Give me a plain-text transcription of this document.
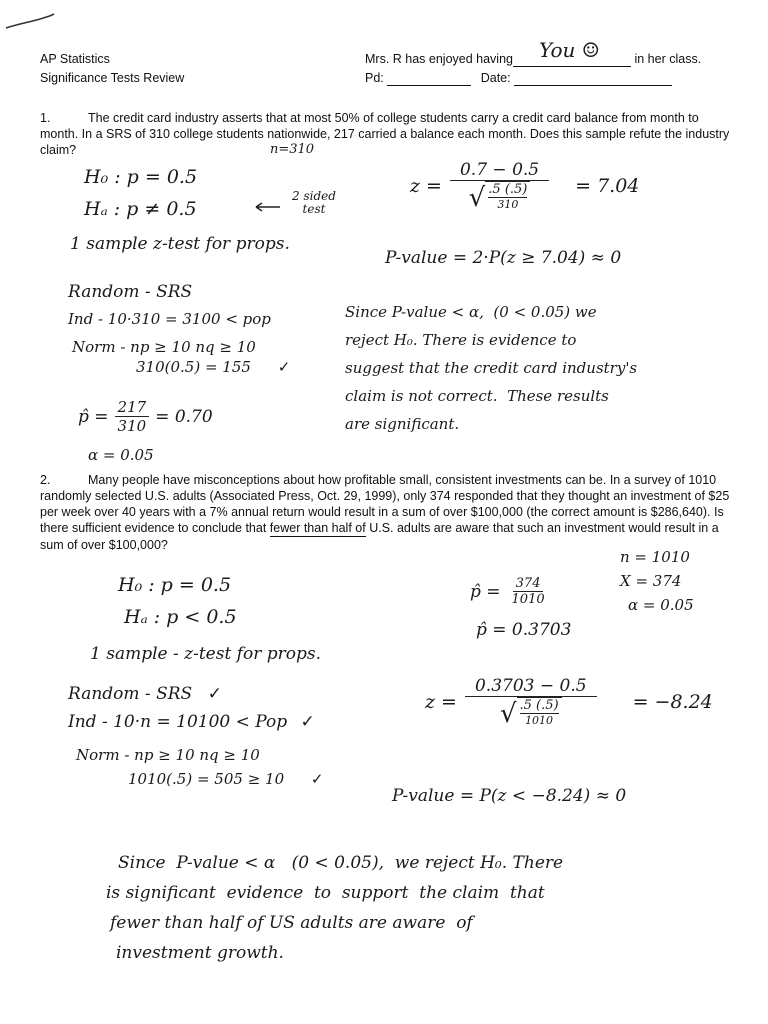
AP Statistics
Significance Tests Review
Mrs. R has enjoyed having You ☺	in her class.
Pd:	Date:
1.	The credit card industry asserts that at most 50% of college students carry a credit card balance from month to month. In a SRS of 310 college students nationwide, 217 carried a balance each month. Does this sample refute the industry claim?	n=310
H₀ : p = 0.5
Hₐ : p ≠ 0.5
2 sided test
1 sample z-test for props.
Random - SRS
Ind - 10·310 = 3100 < pop
Norm - np ≥ 10 nq ≥ 10
310(0.5) = 155 ✓
p̂ = $\frac{217}{310} = 0.70$
α = 0.05
z = 0.7 − 0.5
√ .5 (.5)
310 = 7.04
P-value = 2·P(z ≥ 7.04) ≈ 0
Since P-value < α,  (0 < 0.05) we
reject H₀. There is evidence to
suggest that the credit card industry's
claim is not correct.  These results
are significant.
2.	Many people have misconceptions about how profitable small, consistent investments can be. In a survey of 1010 randomly selected U.S. adults (Associated Press, Oct. 29, 1999), only 374 responded that they thought an investment of $25 per week over 40 years with a 7% annual return would result in a sum of over $100,000 (the correct amount is $286,640). Is there sufficient evidence to conclude that fewer than half of U.S. adults are aware that such an investment would result in a sum of over $100,000?
n = 1010
X = 374
α = 0.05
H₀ : p = 0.5
Hₐ : p < 0.5
1 sample - z-test for props.
p̂ = $\frac{374}{1010}$
p̂ = 0.3703
Random - SRS ✓
Ind - 10·n = 10100 < Pop ✓
Norm - np ≥ 10 nq ≥ 10
1010(.5) = 505 ≥ 10 ✓
z = 0.3703 − 0.5
√ .5 (.5)
1010 = −8.24
P-value = P(z < −8.24) ≈ 0
Since  P-value < α   (0 < 0.05),  we reject H₀. There
is significant  evidence  to  support  the claim  that
fewer than half of US adults are aware  of
investment growth.
